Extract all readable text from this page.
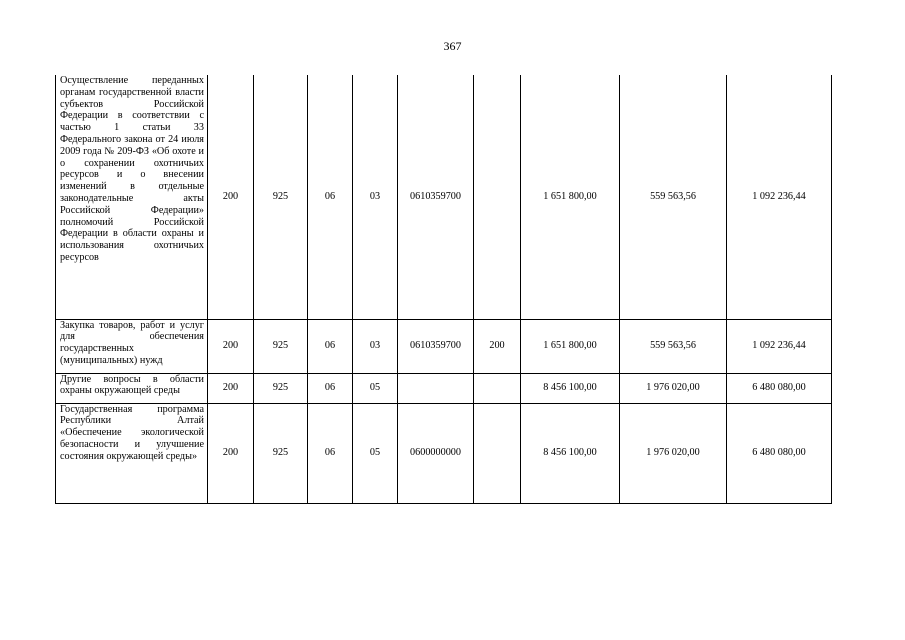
367
Осуществление переданных органам государственной власти субъектов Российской Федерации в соответствии с частью 1 статьи 33 Федерального закона от 24 июля 2009 года № 209-ФЗ «Об охоте и о сохранении охотничьих ресурсов и о внесении изменений в отдельные законодательные акты Российской Федерации» полномочий Российской Федерации в области охраны и использования охотничьих ресурсов	200	925	06	03	0610359700		1 651 800,00	559 563,56	1 092 236,44
Закупка товаров, работ и услуг для обеспечения государственных (муниципальных) нужд	200	925	06	03	0610359700	200	1 651 800,00	559 563,56	1 092 236,44
Другие вопросы в области охраны окружающей среды	200	925	06	05			8 456 100,00	1 976 020,00	6 480 080,00
Государственная программа Республики Алтай «Обеспечение экологической безопасности и улучшение состояния окружающей среды»	200	925	06	05	0600000000		8 456 100,00	1 976 020,00	6 480 080,00
